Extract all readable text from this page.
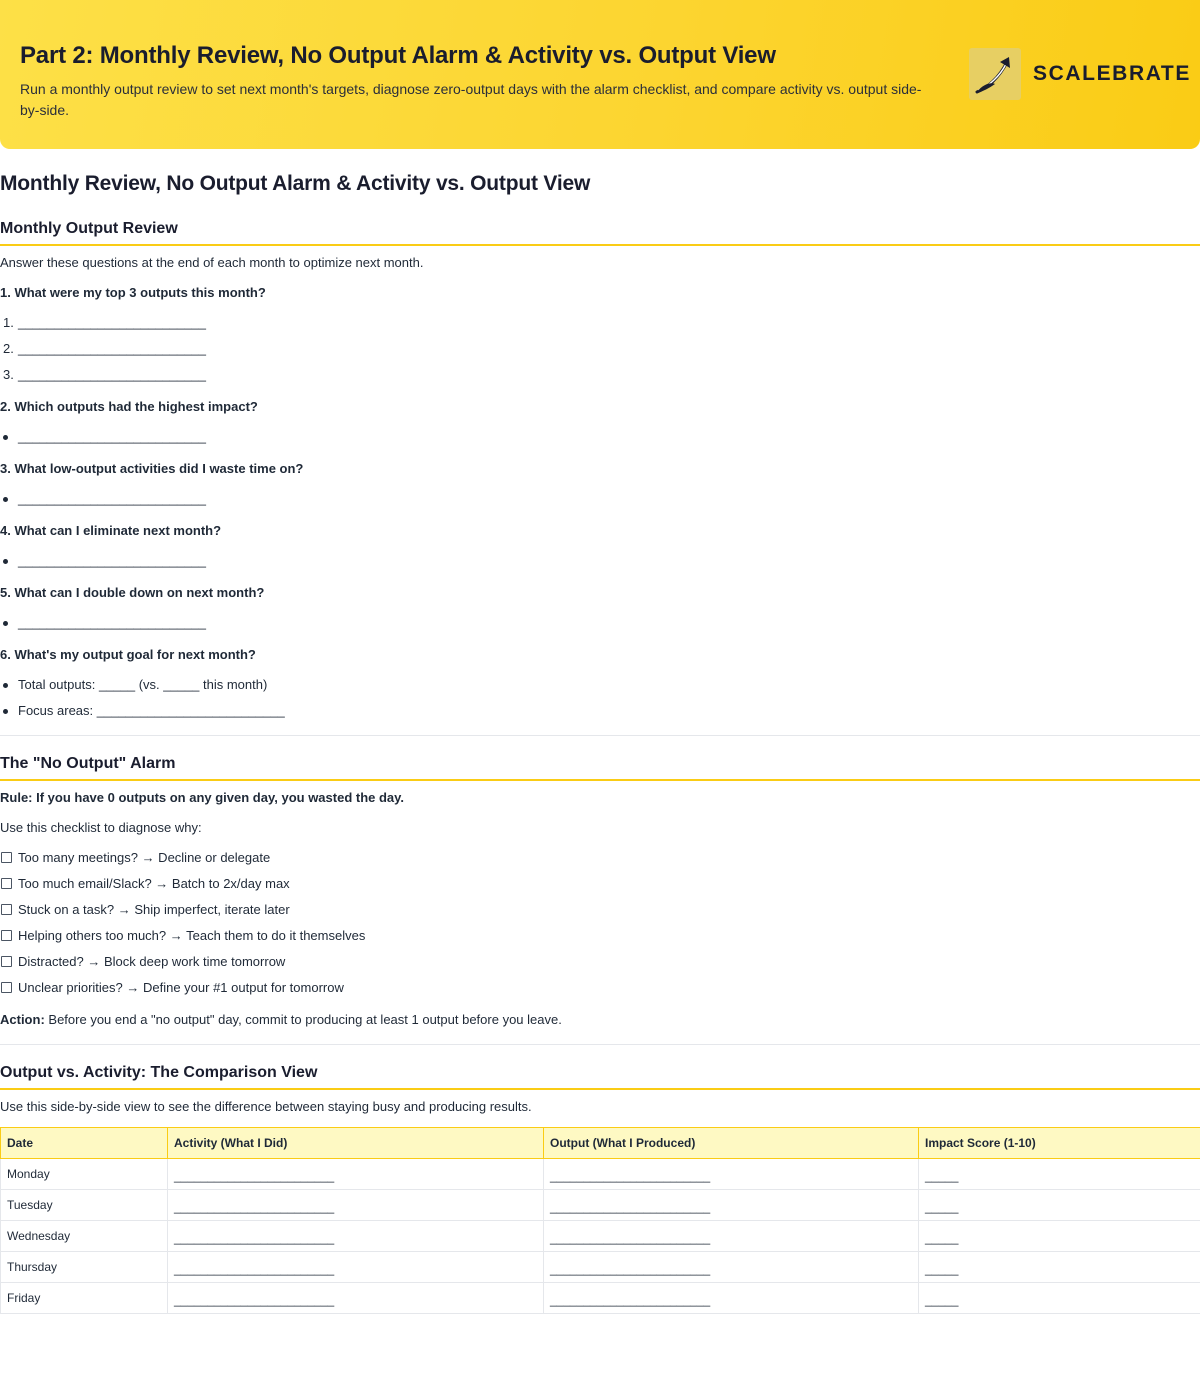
Part 2: Monthly Review, No Output Alarm & Activity vs. Output View
Run a monthly output review to set next month's targets, diagnose zero-output days with the alarm checklist, and compare activity vs. output side-by-side.
SCALEBRATE
Monthly Review, No Output Alarm & Activity vs. Output View
Monthly Output Review
Answer these questions at the end of each month to optimize next month.
1. What were my top 3 outputs this month?
1. __________________________
2. __________________________
3. __________________________
2. Which outputs had the highest impact?
__________________________
3. What low-output activities did I waste time on?
__________________________
4. What can I eliminate next month?
__________________________
5. What can I double down on next month?
__________________________
6. What's my output goal for next month?
Total outputs: _____ (vs. _____ this month)
Focus areas: __________________________
The "No Output" Alarm
Rule: If you have 0 outputs on any given day, you wasted the day.
Use this checklist to diagnose why:
Too many meetings? → Decline or delegate
Too much email/Slack? → Batch to 2x/day max
Stuck on a task? → Ship imperfect, iterate later
Helping others too much? → Teach them to do it themselves
Distracted? → Block deep work time tomorrow
Unclear priorities? → Define your #1 output for tomorrow
Action: Before you end a "no output" day, commit to producing at least 1 output before you leave.
Output vs. Activity: The Comparison View
Use this side-by-side view to see the difference between staying busy and producing results.
Date	Activity (What I Did)	Output (What I Produced)	Impact Score (1-10)
Monday	________________________	________________________	_____
Tuesday	________________________	________________________	_____
Wednesday	________________________	________________________	_____
Thursday	________________________	________________________	_____
Friday	________________________	________________________	_____
